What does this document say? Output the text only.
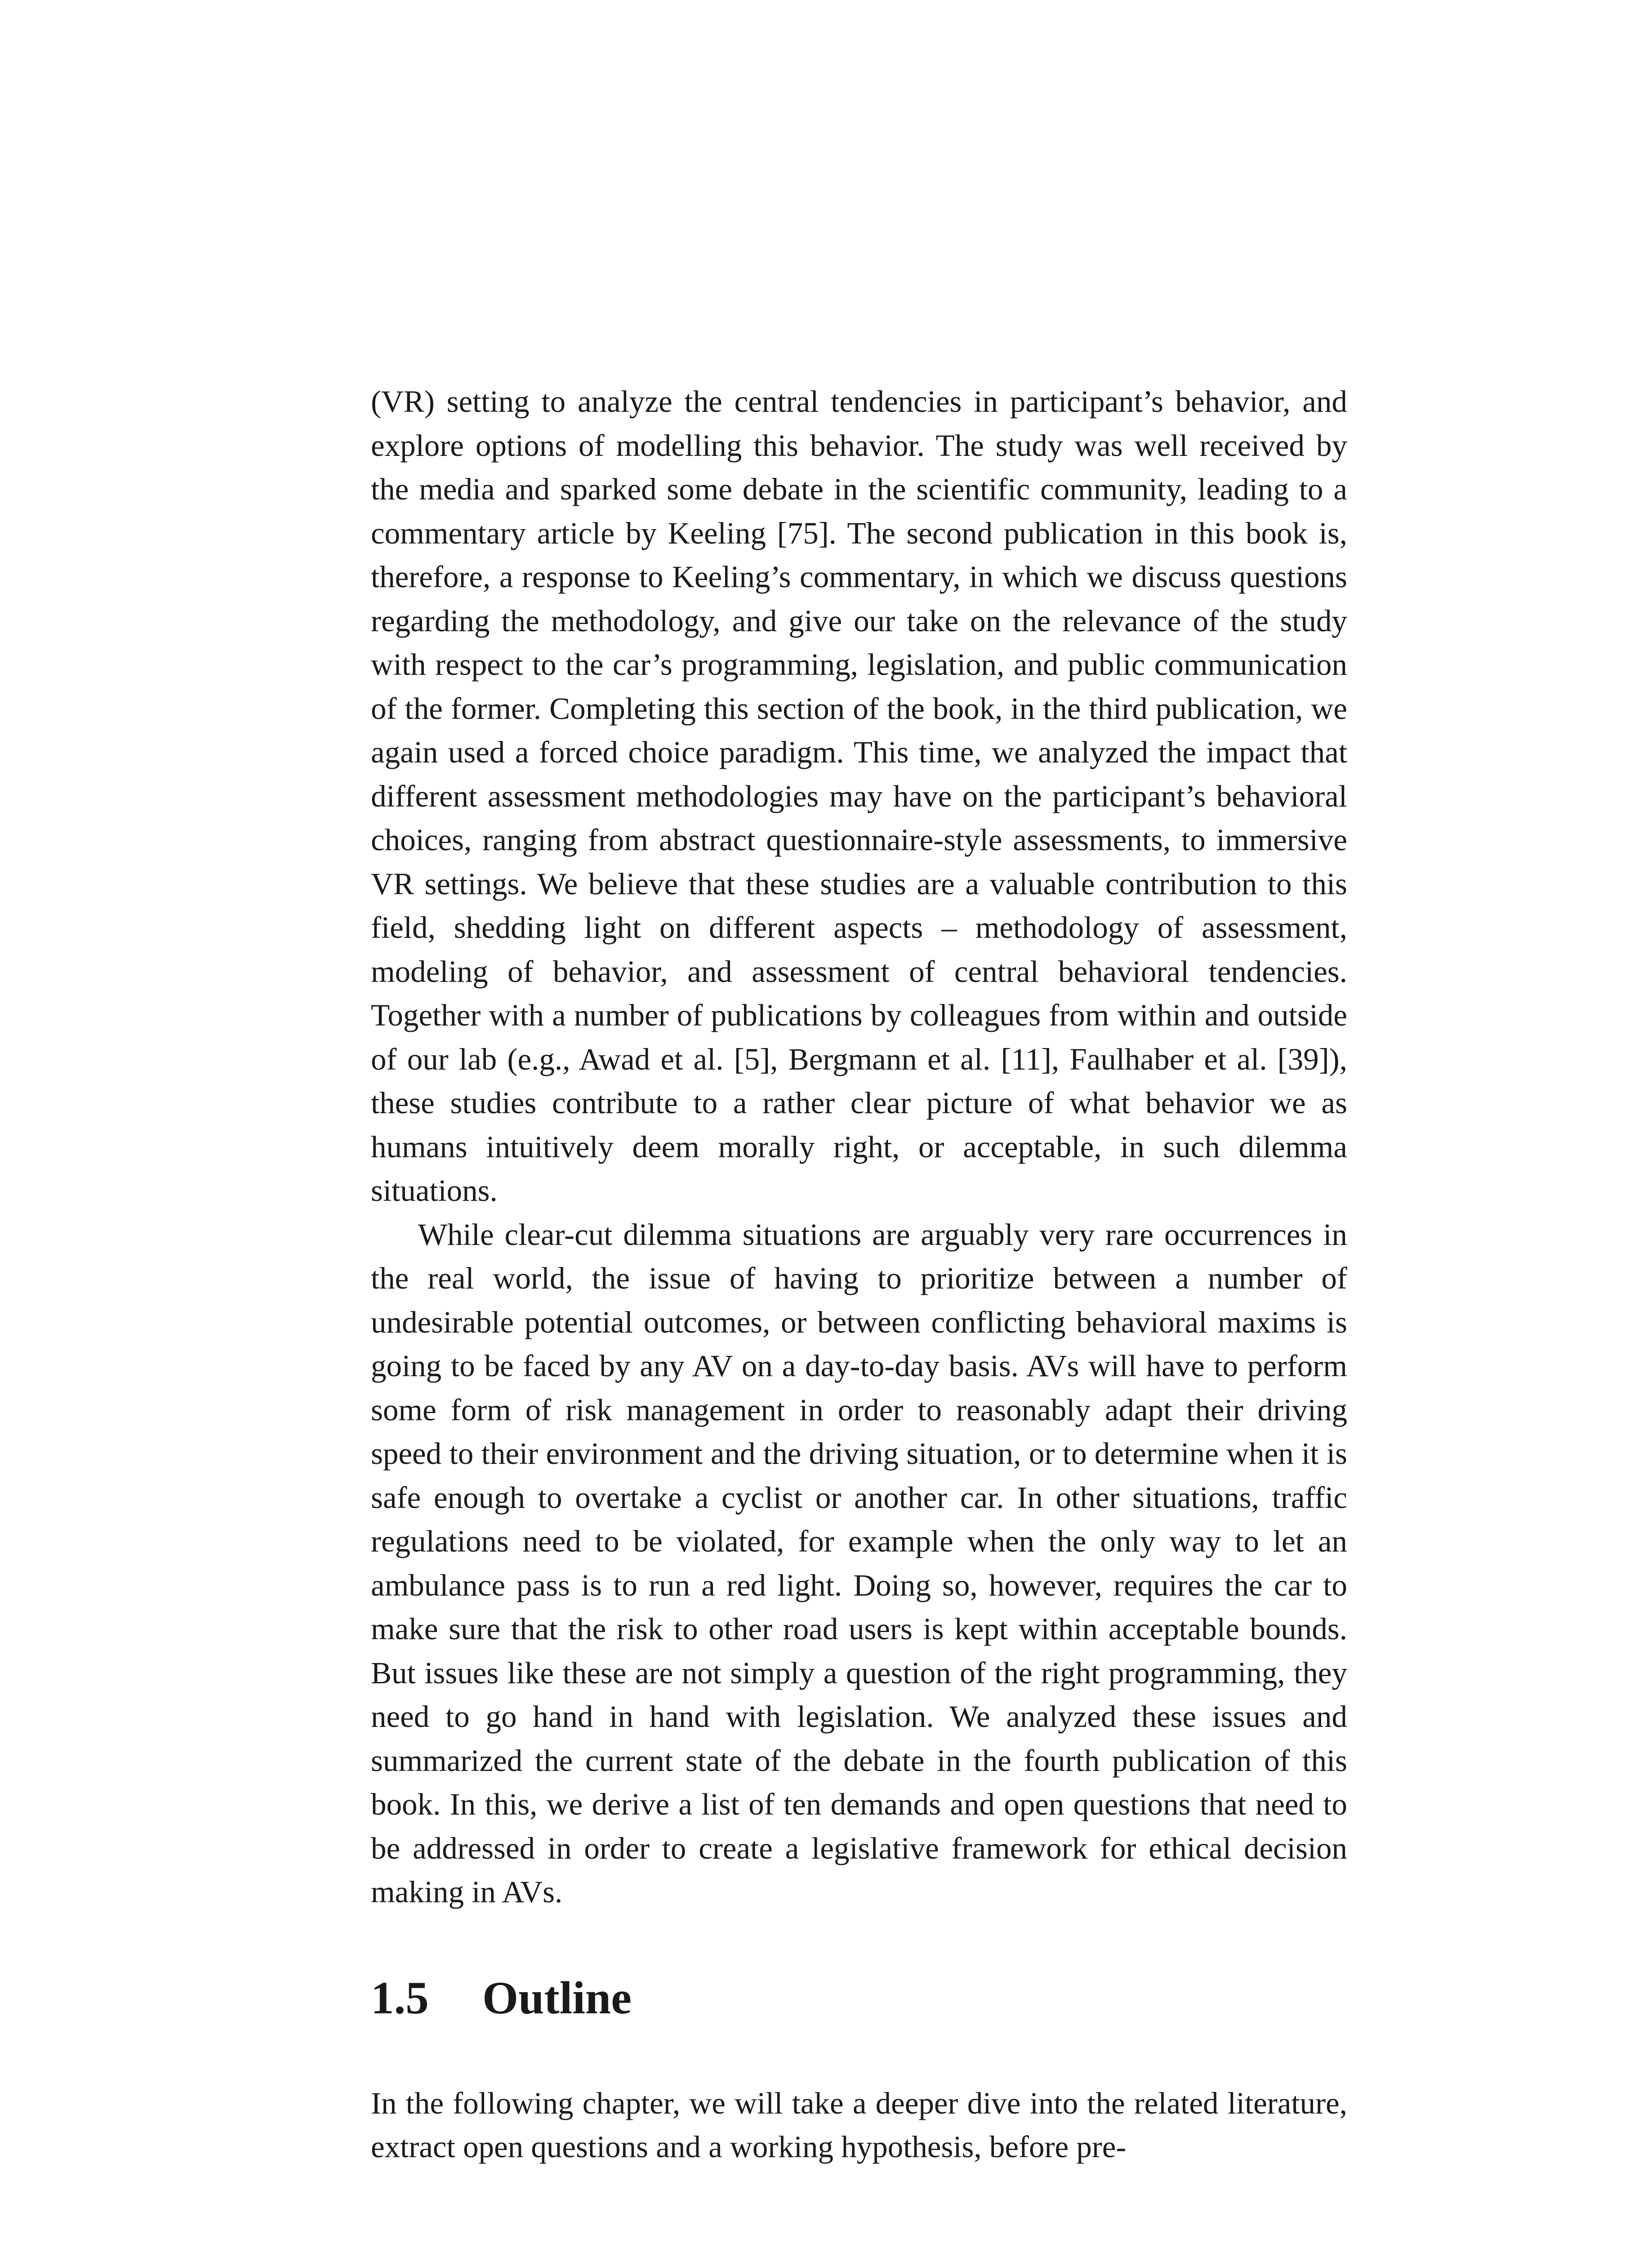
(VR) setting to analyze the central tendencies in participant’s behavior, and explore options of modelling this behavior. The study was well received by the media and sparked some debate in the scientific community, leading to a commentary article by Keeling [75]. The second publication in this book is, therefore, a response to Keeling’s commentary, in which we discuss questions regarding the methodology, and give our take on the relevance of the study with respect to the car’s programming, legislation, and public communication of the former. Completing this section of the book, in the third publication, we again used a forced choice paradigm. This time, we analyzed the impact that different assessment methodologies may have on the participant’s behavioral choices, ranging from abstract questionnaire-style assessments, to immersive VR settings. We believe that these studies are a valuable contribution to this field, shedding light on different aspects – methodology of assessment, modeling of behavior, and assessment of central behavioral tendencies. Together with a number of publications by colleagues from within and outside of our lab (e.g., Awad et al. [5], Bergmann et al. [11], Faulhaber et al. [39]), these studies contribute to a rather clear picture of what behavior we as humans intuitively deem morally right, or acceptable, in such dilemma situations.

While clear-cut dilemma situations are arguably very rare occurrences in the real world, the issue of having to prioritize between a number of undesirable potential outcomes, or between conflicting behavioral maxims is going to be faced by any AV on a day-to-day basis. AVs will have to perform some form of risk management in order to reasonably adapt their driving speed to their environment and the driving situation, or to determine when it is safe enough to overtake a cyclist or another car. In other situations, traffic regulations need to be violated, for example when the only way to let an ambulance pass is to run a red light. Doing so, however, requires the car to make sure that the risk to other road users is kept within acceptable bounds. But issues like these are not simply a question of the right programming, they need to go hand in hand with legislation. We analyzed these issues and summarized the current state of the debate in the fourth publication of this book. In this, we derive a list of ten demands and open questions that need to be addressed in order to create a legislative framework for ethical decision making in AVs.

1.5	Outline

In the following chapter, we will take a deeper dive into the related literature, extract open questions and a working hypothesis, before pre-
